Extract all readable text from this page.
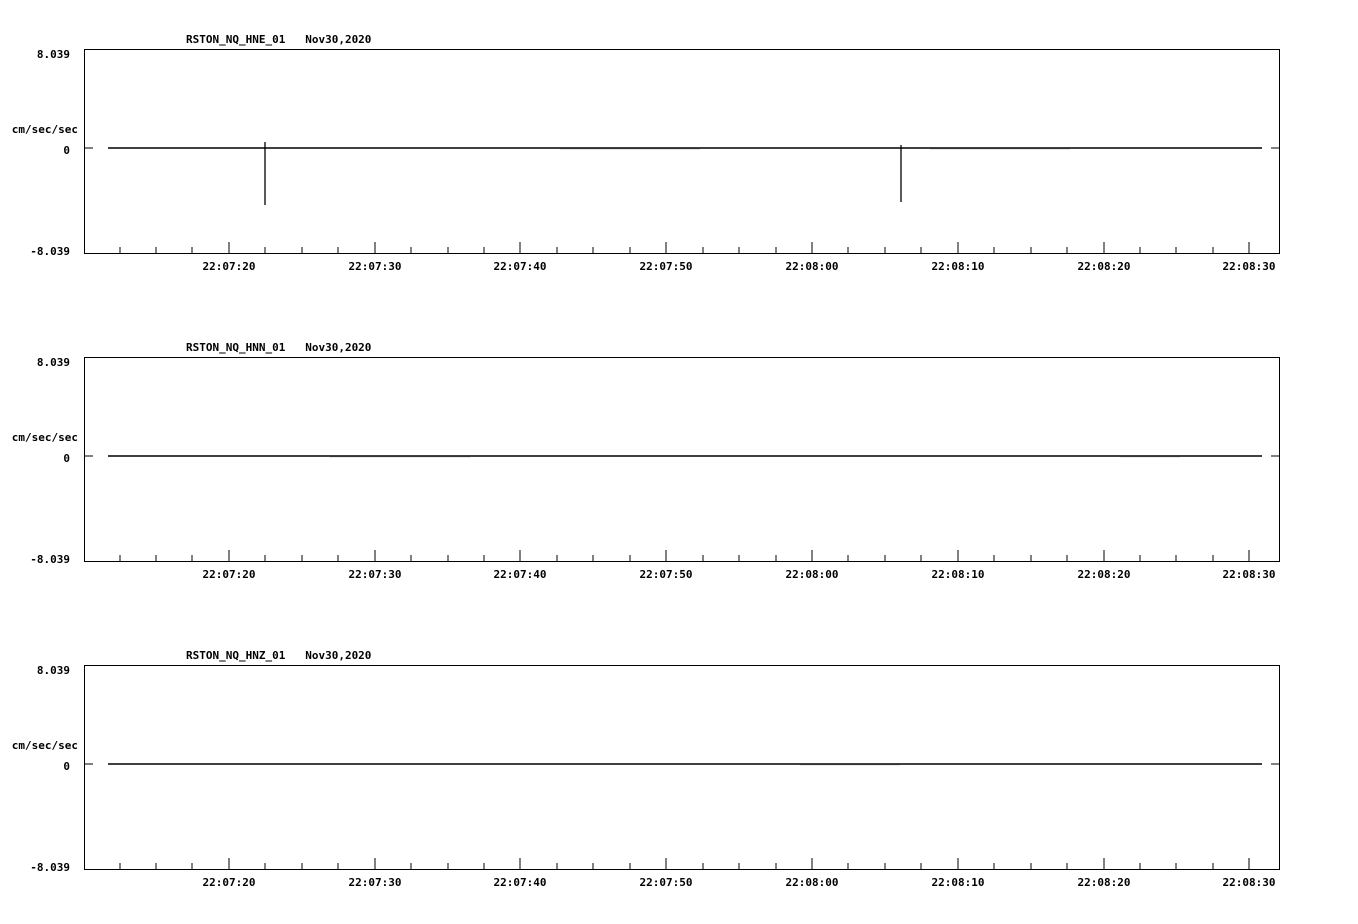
RSTON_NQ_HNE_01   Nov30,2020
cm/sec/sec
8.039
0
-8.039
22:07:20	22:07:30	22:07:40	22:07:50	22:08:00	22:08:10	22:08:20	22:08:30
RSTON_NQ_HNN_01   Nov30,2020
cm/sec/sec
8.039
0
-8.039
22:07:20	22:07:30	22:07:40	22:07:50	22:08:00	22:08:10	22:08:20	22:08:30
RSTON_NQ_HNZ_01   Nov30,2020
cm/sec/sec
8.039
0
-8.039
22:07:20	22:07:30	22:07:40	22:07:50	22:08:00	22:08:10	22:08:20	22:08:30
